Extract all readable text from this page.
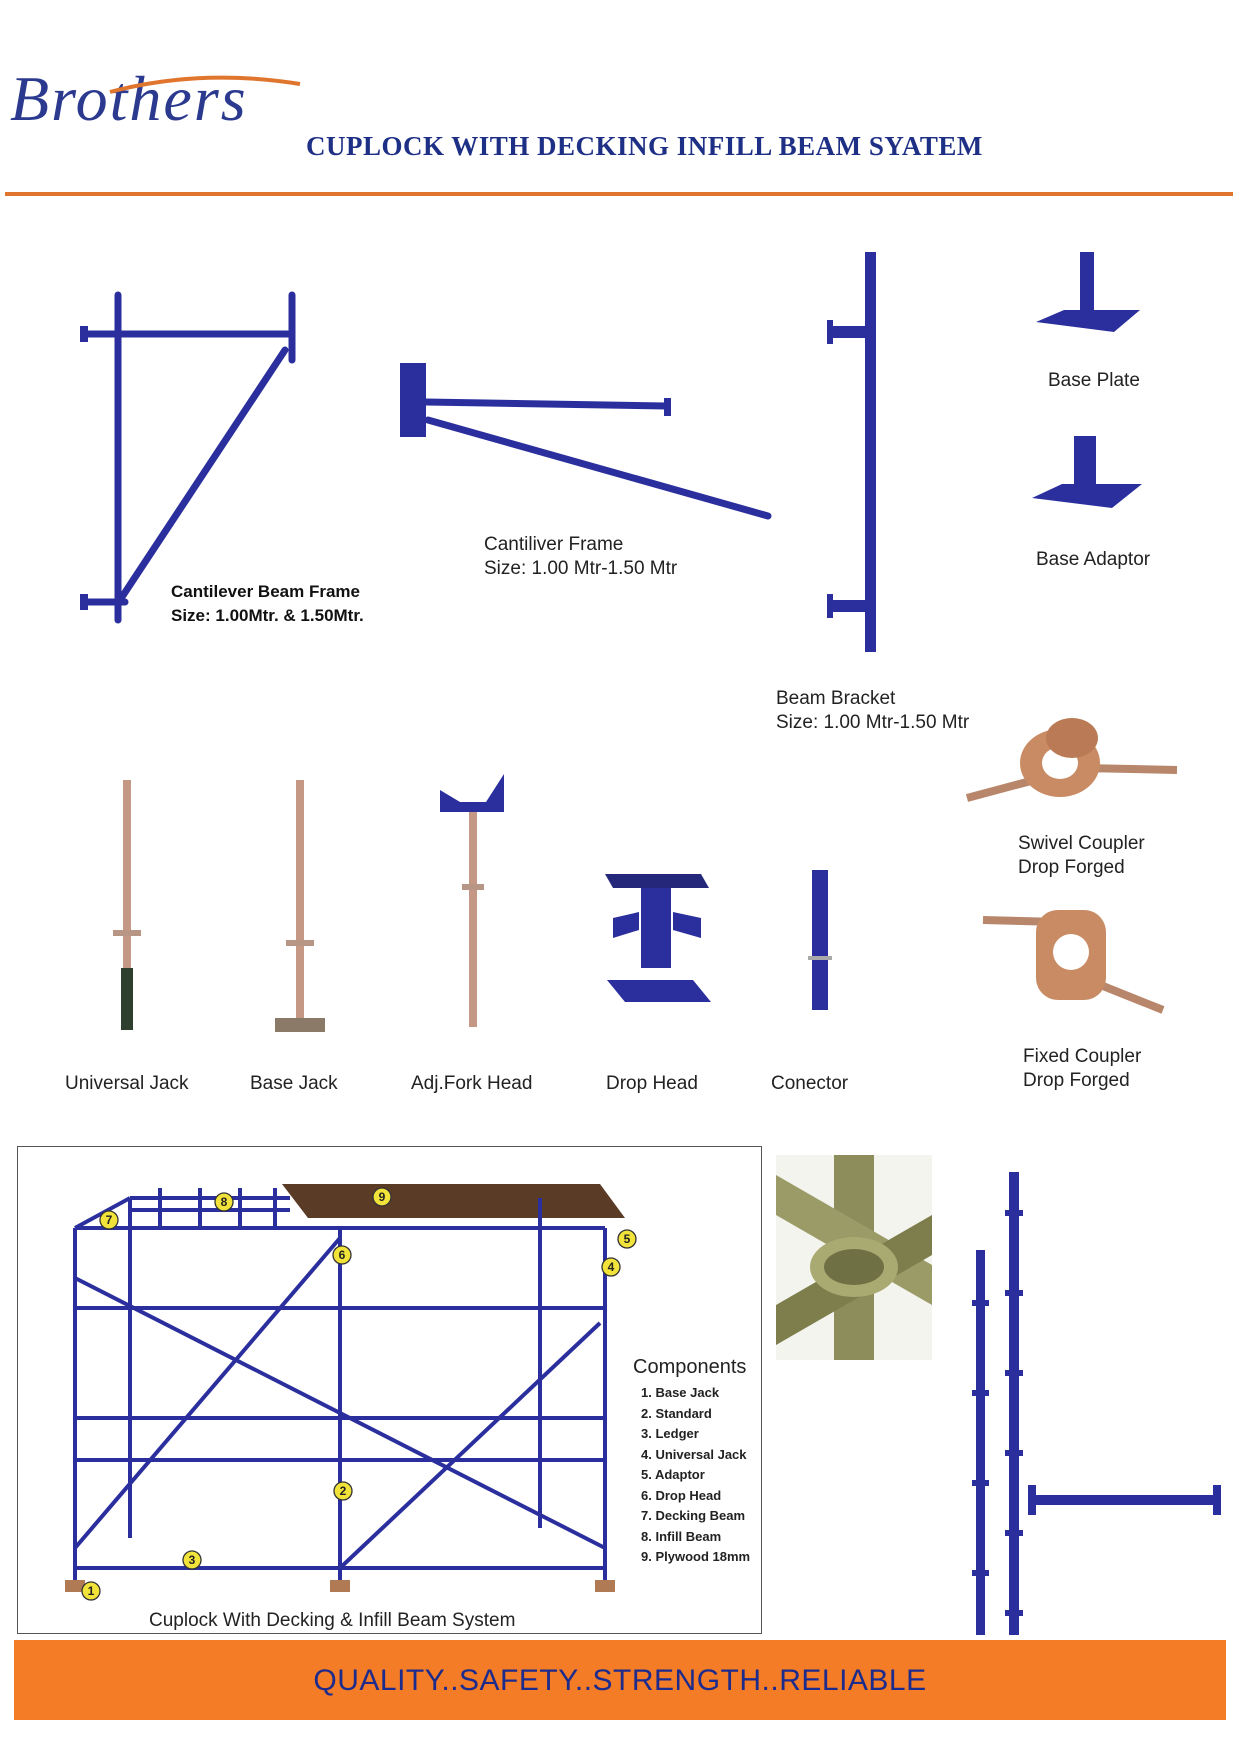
Brothers
CUPLOCK WITH DECKING INFILL BEAM SYATEM
Cantilever Beam Frame
Size: 1.00Mtr. & 1.50Mtr.
Cantiliver Frame
Size: 1.00 Mtr-1.50 Mtr
Beam Bracket
Size: 1.00 Mtr-1.50 Mtr
Base Plate
Base Adaptor
Swivel Coupler
Drop Forged
Fixed Coupler
Drop Forged
Universal Jack	Base Jack	Adj.Fork Head	Drop Head	Conector
1
2
3
4
5
6
7
8	9
Components
1. Base Jack
2. Standard
3. Ledger
4. Universal Jack
5. Adaptor
6. Drop Head
7. Decking Beam
8. Infill Beam
9. Plywood 18mm
Cuplock With Decking & Infill Beam System
QUALITY..SAFETY..STRENGTH..RELIABLE
